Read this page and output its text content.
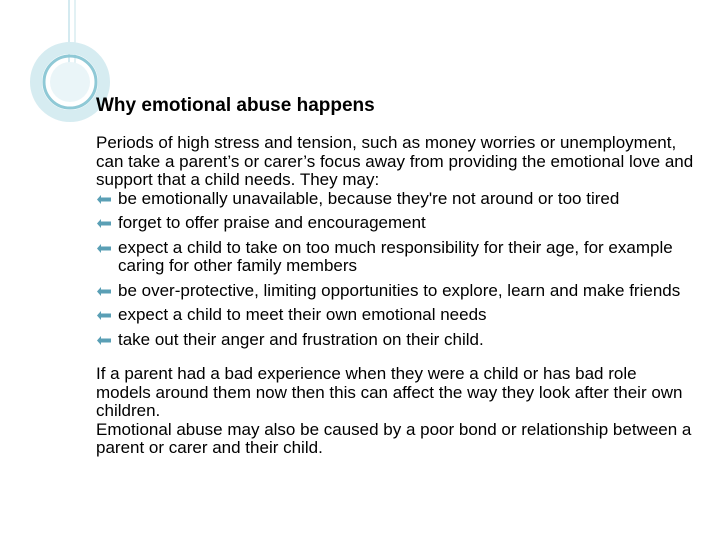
Why emotional abuse happens

Periods of high stress and tension, such as money worries or unemployment, can take a parent’s or carer’s focus away from providing the emotional love and support that a child needs. They may:

be emotionally unavailable, because they're not around or too tired
forget to offer praise and encouragement
expect a child to take on too much responsibility for their age, for example caring for other family members
be over-protective, limiting opportunities to explore, learn and make friends
expect a child to meet their own emotional needs
take out their anger and frustration on their child.

If a parent had a bad experience when they were a child or has bad role models around them now then this can affect the way they look after their own children.

Emotional abuse may also be caused by a poor bond or relationship between a parent or carer and their child.
